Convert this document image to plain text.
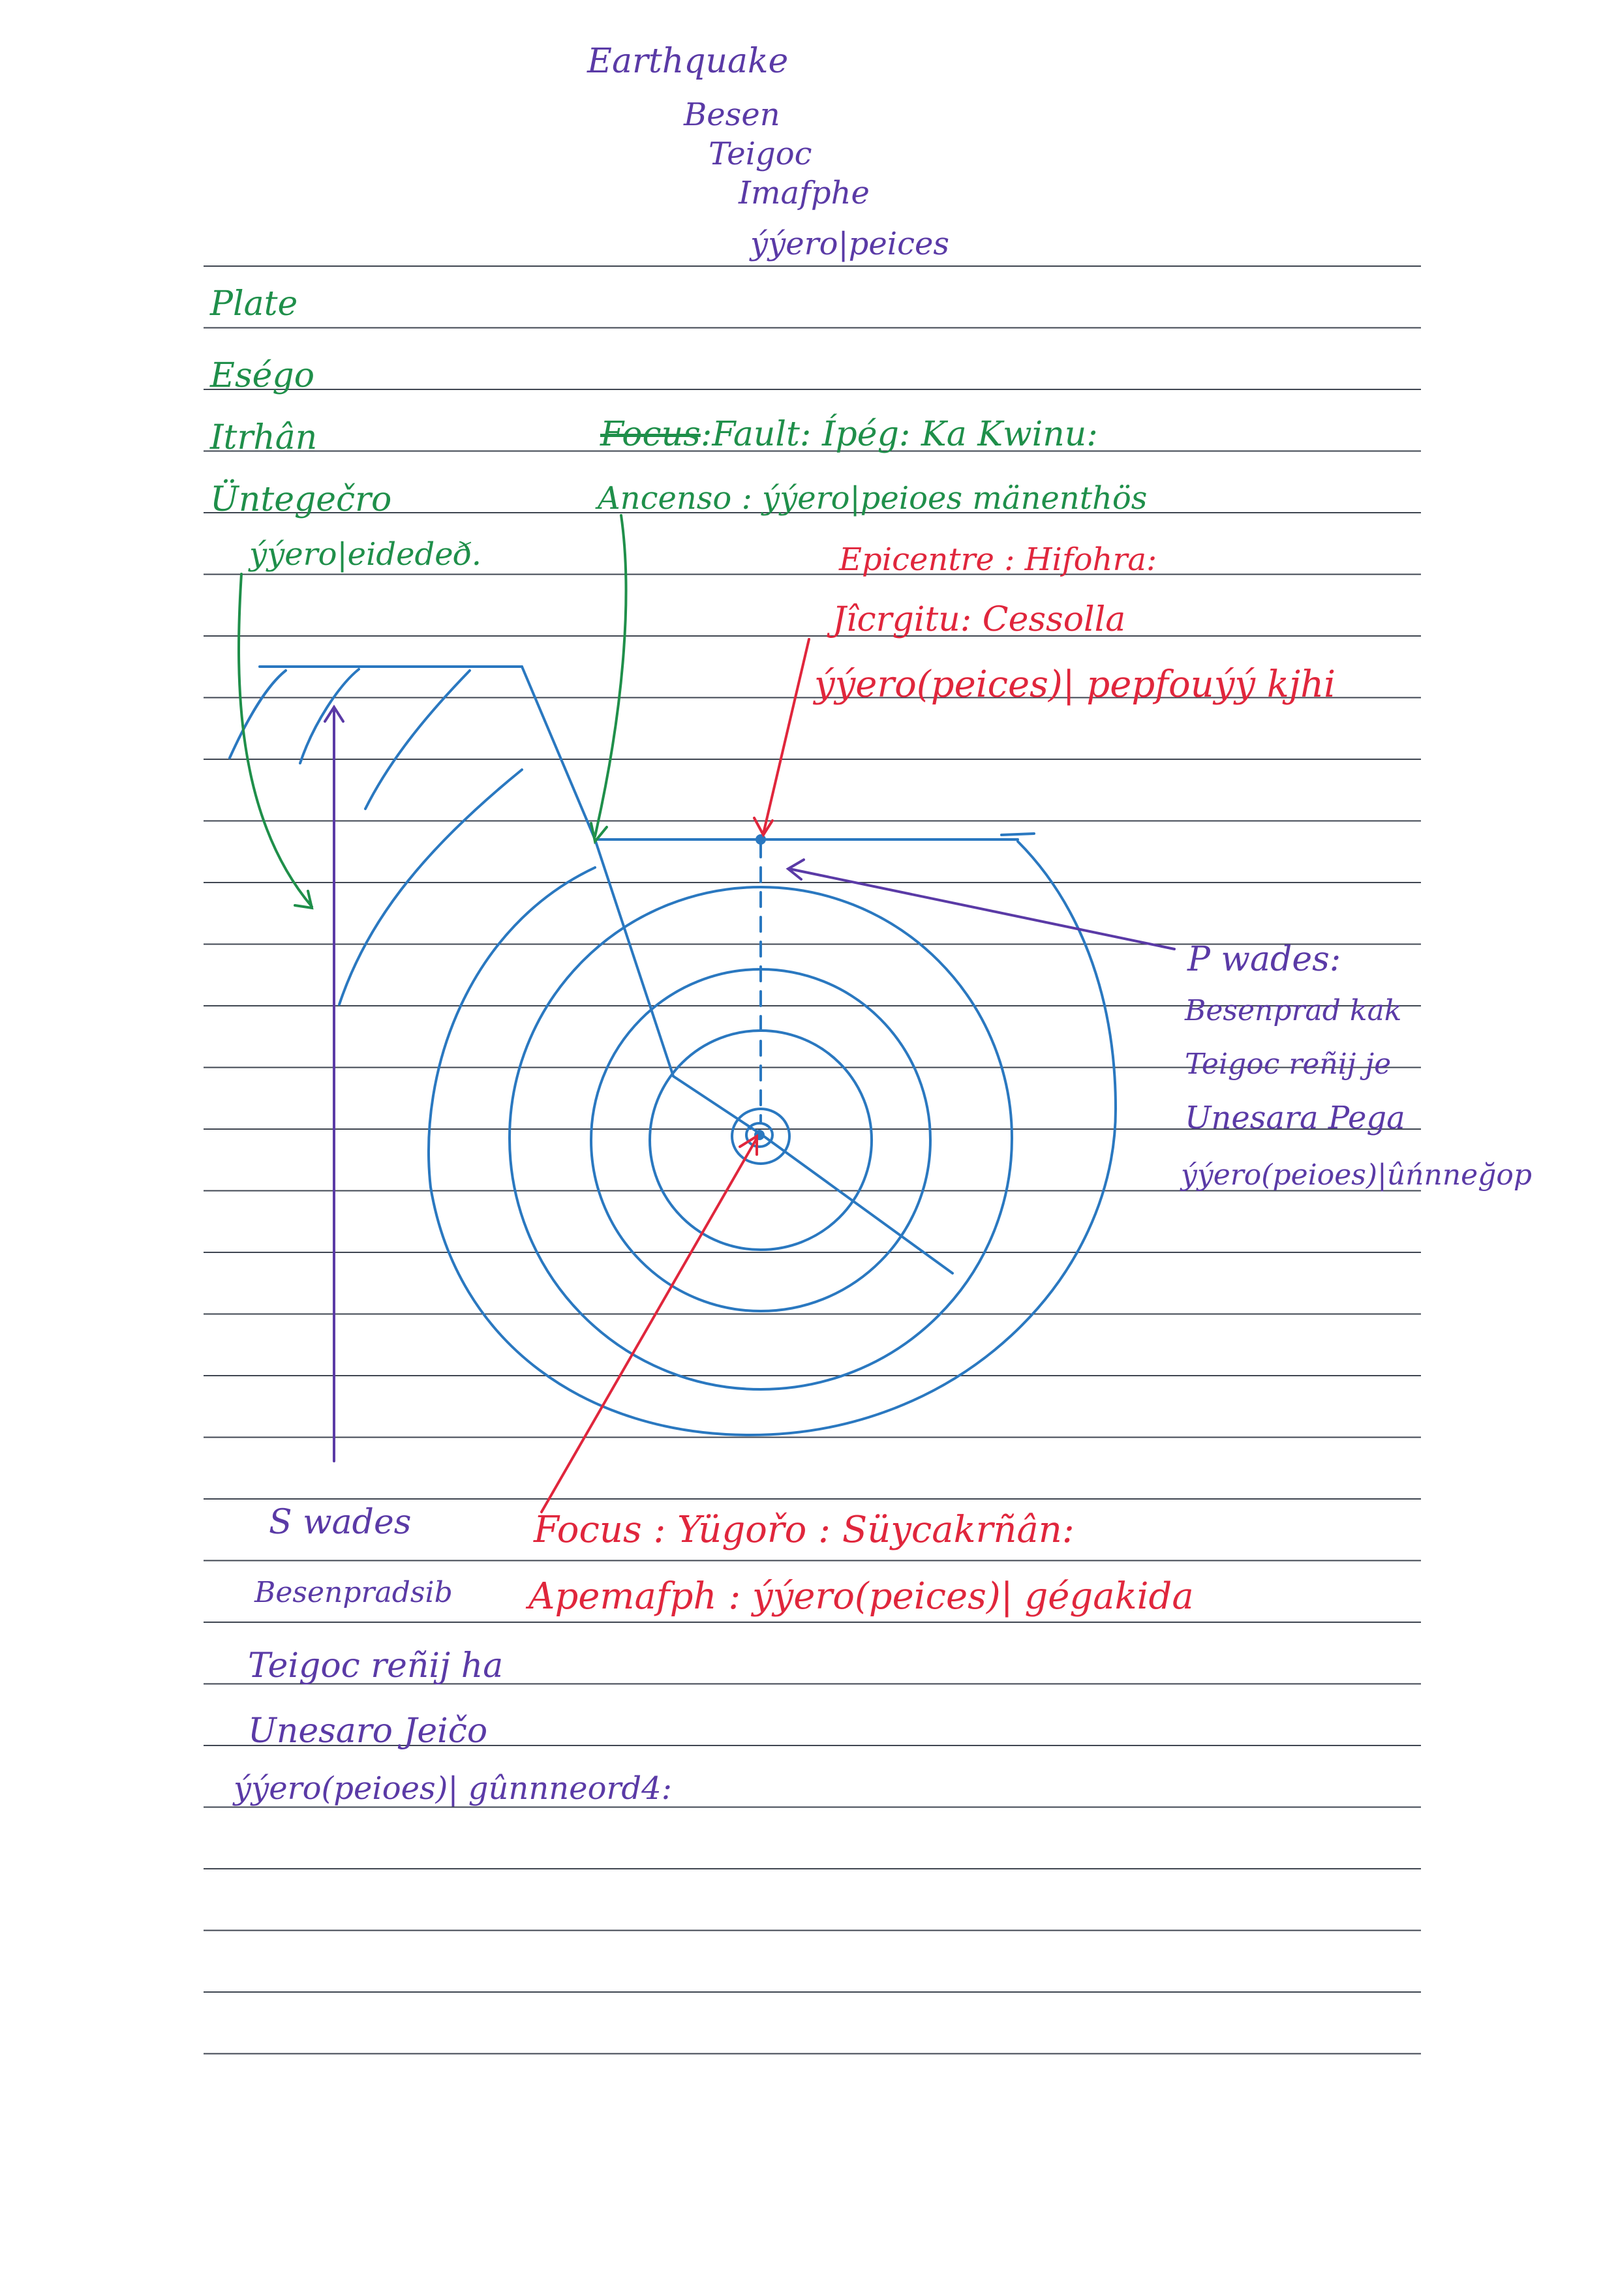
Earthquake
Besen
Teigoc
Imafphe
ýýero|peices
Plate
Eségo
Itrhân
Üntegečro
ýýero|eidedeð.
Focus:Fault: Ípég: Ka Kwinu:
Ancenso : ýýero|peioes mänenthös
Epicentre : Hifohra:
Jîcrgitu: Cessolla
ýýero(peices)| pepfouýý kjhi
P wades:
Besenprad kak
Teigoc reñij je
Unesara Pega
ýýero(peioes)|ûńnneğop
S wades
Besenpradsib
Teigoc reñij ha
Unesaro Jeičo
ýýero(peioes)| gûnnneord4:
Focus : Yügořo : Süycakrñân:
Apemafph : ýýero(peices)| gégakida
